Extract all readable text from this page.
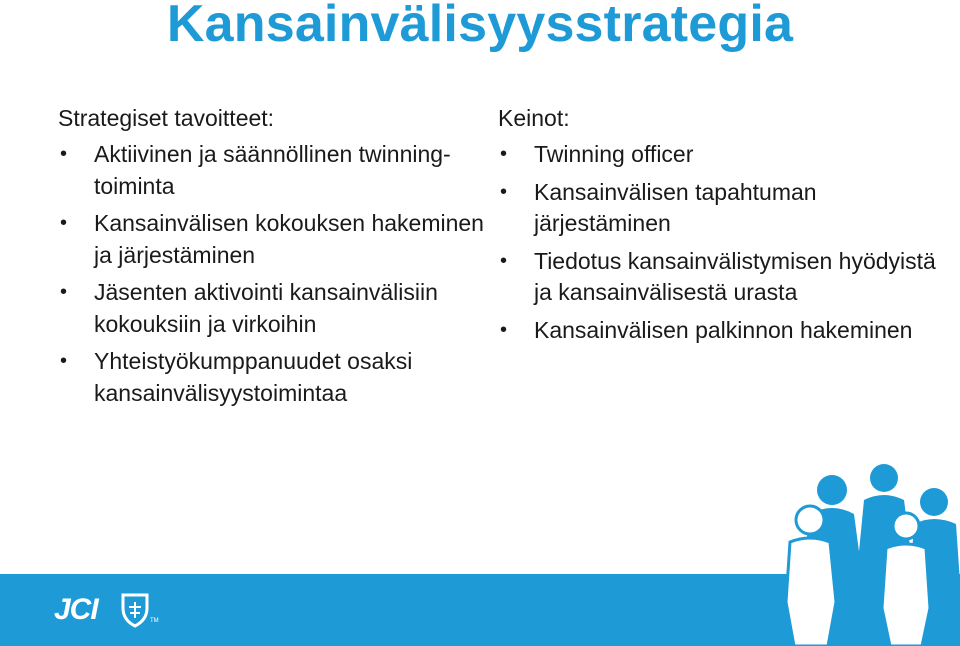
Kansainvälisyysstrategia
Strategiset tavoitteet:
• Aktiivinen ja säännöllinen twinning-toiminta
• Kansainvälisen kokouksen hakeminen ja järjestäminen
• Jäsenten aktivointi kansainvälisiin kokouksiin ja virkoihin
• Yhteistyökumppanuudet osaksi kansainvälisyystoimintaa
Keinot:
• Twinning officer
• Kansainvälisen tapahtuman järjestäminen
• Tiedotus kansainvälistymisen hyödyistä ja kansainvälisestä urasta
• Kansainvälisen palkinnon hakeminen
JCI	TM
